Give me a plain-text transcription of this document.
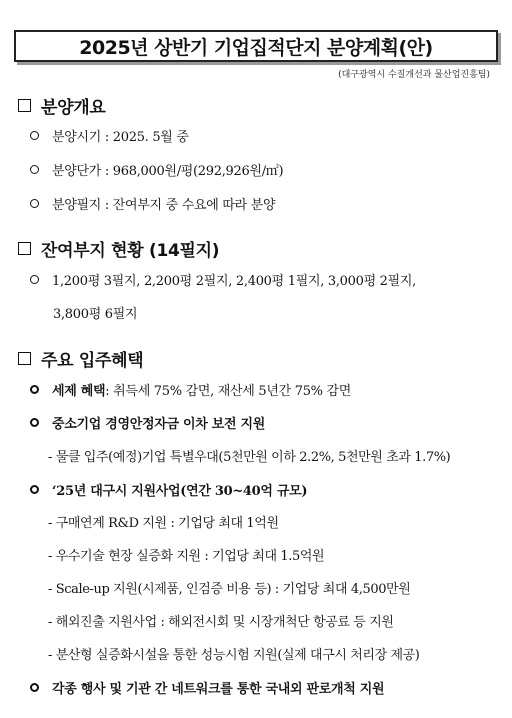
2025년 상반기 기업집적단지 분양계획(안)
(대구광역시 수질개선과 물산업진흥팀)
분양개요
분양시기 : 2025. 5월 중
분양단가 : 968,000원/평(292,926원/㎡)
분양필지 : 잔여부지 중 수요에 따라 분양
잔여부지 현황 (14필지)
1,200평 3필지, 2,200평 2필지, 2,400평 1필지, 3,000평 2필지,
3,800평 6필지
주요 입주혜택
세제 혜택 : 취득세 75% 감면, 재산세 5년간 75% 감면
중소기업 경영안정자금 이차 보전 지원
- 물클 입주(예정)기업 특별우대(5천만원 이하 2.2%, 5천만원 초과 1.7%)
‘25년 대구시 지원사업(연간 30~40억 규모)
- 구매연계 R&D 지원 : 기업당 최대 1억원
- 우수기술 현장 실증화 지원 : 기업당 최대 1.5억원
- Scale-up 지원(시제품, 인검증 비용 등) : 기업당 최대 4,500만원
- 해외진출 지원사업 : 해외전시회 및 시장개척단 항공료 등 지원
- 분산형 실증화시설을 통한 성능시험 지원(실제 대구시 처리장 제공)
각종 행사 및 기관 간 네트워크를 통한 국내외 판로개척 지원
